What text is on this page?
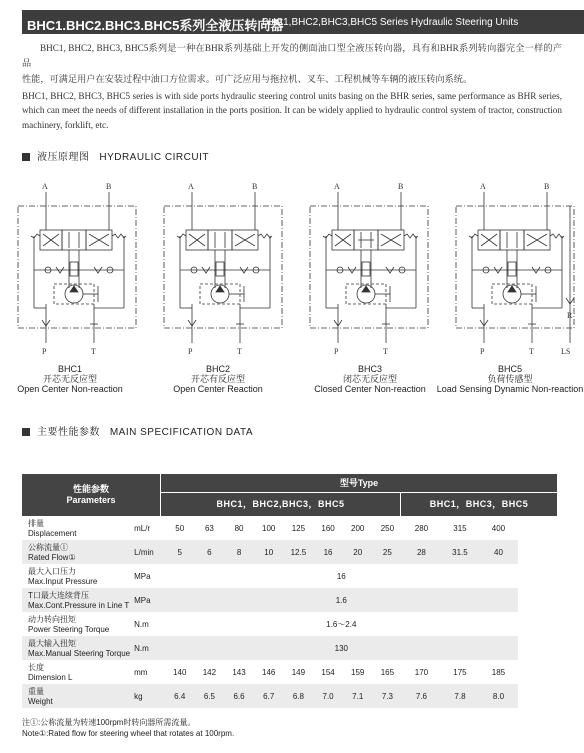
BHC1.BHC2.BHC3.BHC5系列全液压转向器
BHC1,BHC2,BHC3,BHC5 Series Hydraulic Steering Units

BHC1, BHC2, BHC3, BHC5系列是一种在BHR系列基础上开发的侧面油口型全液压转向器，具有和BHR系列转向器完全一样的产品

性能，可满足用户在安装过程中油口方位需求。可广泛应用与拖拉机、叉车、工程机械等车辆的液压转向系统。

BHC1, BHC2, BHC3, BHC5 series is with side ports hydraulic steering control units basing on the BHR series, same performance as BHR series, which can meet the needs of different installation in the ports position. It can be widely applied to hydraulic control system of tractor, construction machinery, forklift, etc.

液压原理图 HYDRAULIC CIRCUIT
A	B
P	T
BHC1
开芯无反应型
Open Center Non-reaction
A	B
P	T
BHC2
开芯有反应型
Open Center Reaction
A	B
P	T
BHC3
闭芯无反应型
Closed Center Non-reaction
A	B
P	T	LS
R
BHC5
负荷传感型
Load Sensing Dynamic Non-reaction
主要性能参数 MAIN SPECIFICATION DATA
性能参数
Parameters
型号Type
BHC1，BHC2,BHC3，BHC5	BHC1，BHC3，BHC5

排量
Displacement	mL/r	50	63	80	100	125	160	200	250	280	315	400

公称流量①
Rated Flow①	L/min	5	6	8	10	12.5	16	20	25	28	31.5	40

最大入口压力
Max.Input Pressure	MPa	16										

T口最大连续背压
Max.Cont.Pressure in Line T	MPa	1.6										

动力转向扭矩
Power Steering Torque	N.m	1.6～2.4										

最大输入扭矩
Max.Manual Steering Torque	N.m	130										

长度
Dimension L	mm	140	142	143	146	149	154	159	165	170	175	185

重量
Weight	kg	6.4	6.5	6.6	6.7	6.8	7.0	7.1	7.3	7.6	7.8	8.0
注①:公称流量为转速100rpm时转向器所需流量。
Note①:Rated flow for steering wheel that rotates at 100rpm.
